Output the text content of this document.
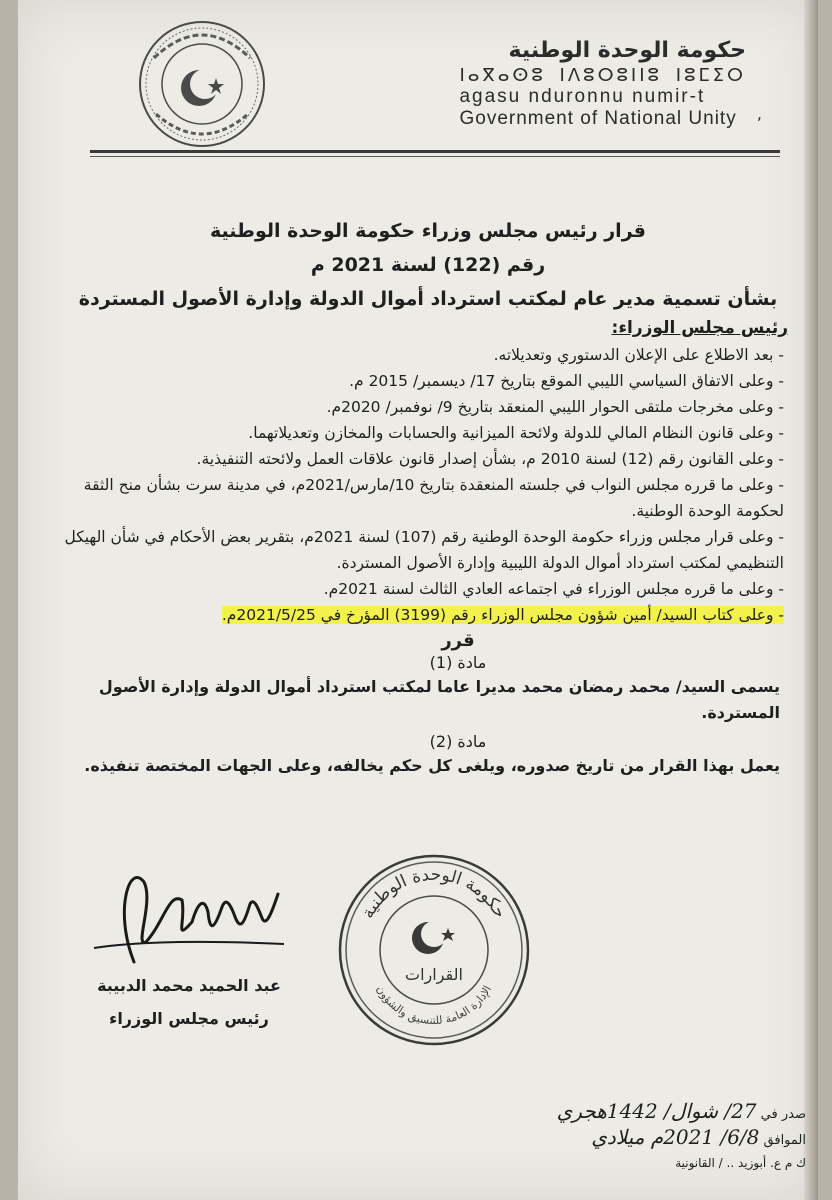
حكومة الوحدة الوطنية
ⵏⴰⴳⴰⵙⵓ ⵏⴷⵓⵔⵓⵏⵏⵓ ⵏⵓⵎⵉⵔ
agasu nduronnu numir-t
Government of National Unity	,
قرار رئيس مجلس وزراء حكومة الوحدة الوطنية
رقم (122) لسنة 2021 م
بشأن تسمية مدير عام لمكتب استرداد أموال الدولة وإدارة الأصول المستردة
رئيس مجلس الوزراء:

- بعد الاطلاع على الإعلان الدستوري وتعديلاته.

- وعلى الاتفاق السياسي الليبي الموقع بتاريخ 17/ ديسمبر/ 2015 م.

- وعلى مخرجات ملتقى الحوار الليبي المنعقد بتاريخ 9/ نوفمبر/ 2020م.

- وعلى قانون النظام المالي للدولة ولائحة الميزانية والحسابات والمخازن وتعديلاتهما.

- وعلى القانون رقم (12) لسنة 2010 م، بشأن إصدار قانون علاقات العمل ولائحته التنفيذية.

- وعلى ما قرره مجلس النواب في جلسته المنعقدة بتاريخ 10/مارس/2021م، في مدينة سرت بشأن منح الثقة لحكومة الوحدة الوطنية.

- وعلى قرار مجلس وزراء حكومة الوحدة الوطنية رقم (107) لسنة 2021م، بتقرير بعض الأحكام في شأن الهيكل التنظيمي لمكتب استرداد أموال الدولة الليبية وإدارة الأصول المستردة.

- وعلى ما قرره مجلس الوزراء في اجتماعه العادي الثالث لسنة 2021م.

- وعلى كتاب السيد/ أمين شؤون مجلس الوزراء رقم (3199) المؤرخ في 2021/5/25م.

قرر
مادة (1)
يسمى السيد/ محمد رمضان محمد مديرا عاما لمكتب استرداد أموال الدولة وإدارة الأصول المستردة.
مادة (2)
يعمل بهذا القرار من تاريخ صدوره، ويلغى كل حكم يخالفه، وعلى الجهات المختصة تنفيذه.
عبد الحميد محمد الدبيبة
رئيس مجلس الوزراء
حكومة الوحدة الوطنية
الإدارة العامة للتنسيق والشؤون
القرارات
صدر في 27/ شوال/ 1442هجري
الموافق 6/8/ 2021م ميلادي
ك م ع. أبوزيد .. / القانونية
